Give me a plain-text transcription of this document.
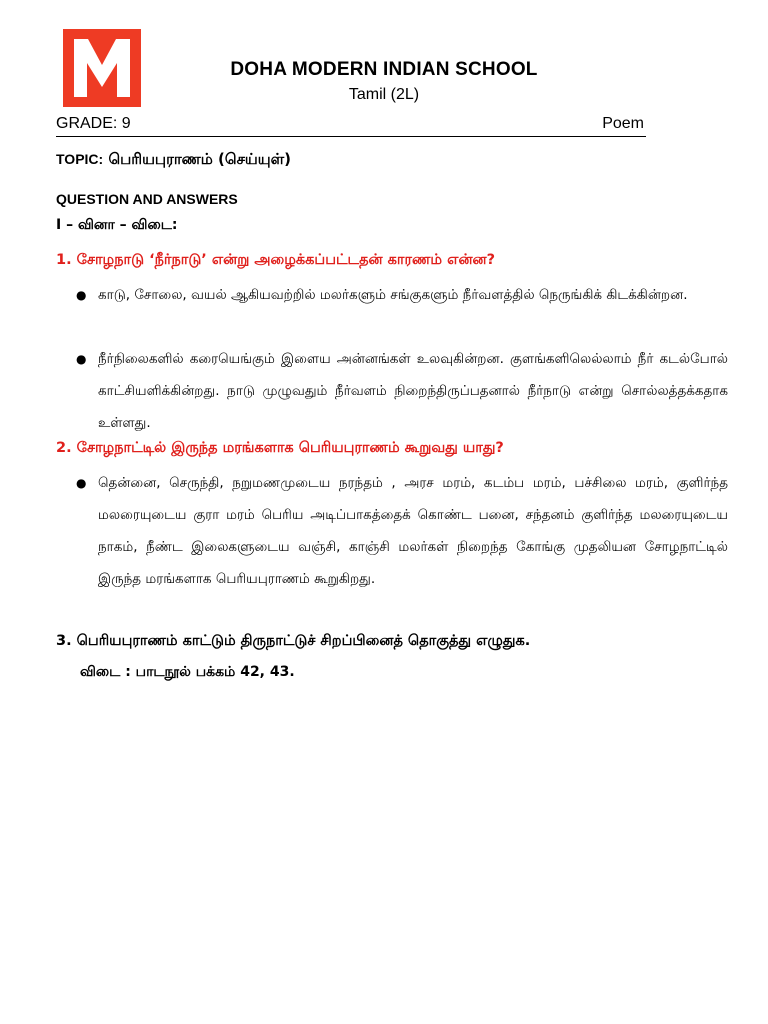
DOHA MODERN INDIAN SCHOOL
Tamil (2L)
GRADE: 9	Poem
TOPIC: பெரியபுராணம் (செய்யுள்)
QUESTION AND ANSWERS
I – வினா – விடை:
1. சோழநாடு ‘நீர்நாடு’ என்று அழைக்கப்பட்டதன் காரணம் என்ன?
● காடு, சோலை, வயல் ஆகியவற்றில் மலர்களும் சங்குகளும் நீர்வளத்தில் நெருங்கிக் கிடக்கின்றன.
● நீர்நிலைகளில் கரையெங்கும் இளைய அன்னங்கள் உலவுகின்றன. குளங்களிலெல்லாம் நீர் கடல்போல் காட்சியளிக்கின்றது. நாடு முழுவதும் நீர்வளம் நிறைந்திருப்பதனால் நீர்நாடு என்று சொல்லத்தக்கதாக உள்ளது.
2. சோழநாட்டில் இருந்த மரங்களாக பெரியபுராணம் கூறுவது யாது?
● தென்னை, செருந்தி, நறுமணமுடைய நரந்தம் , அரச மரம், கடம்ப மரம், பச்சிலை மரம், குளிர்ந்த மலரையுடைய குரா மரம் பெரிய அடிப்பாகத்தைக் கொண்ட பனை, சந்தனம் குளிர்ந்த மலரையுடைய நாகம், நீண்ட இலைகளுடைய வஞ்சி, காஞ்சி மலர்கள் நிறைந்த கோங்கு முதலியன சோழநாட்டில் இருந்த மரங்களாக பெரியபுராணம் கூறுகிறது.
3. பெரியபுராணம் காட்டும் திருநாட்டுச் சிறப்பினைத் தொகுத்து எழுதுக.
விடை : பாடநூல் பக்கம் 42, 43.
